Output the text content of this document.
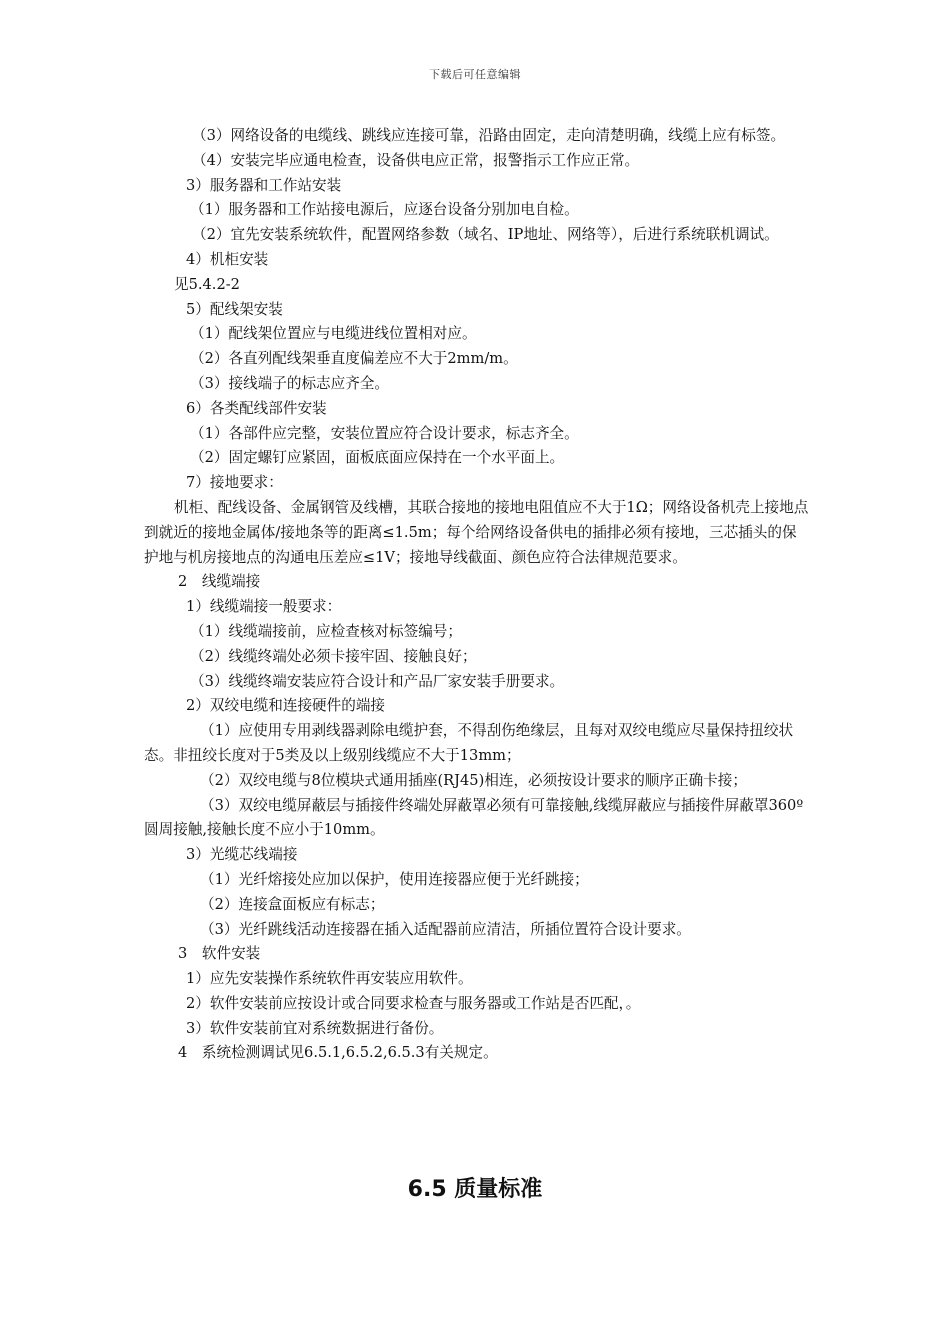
下载后可任意编辑

（3）网络设备的电缆线、跳线应连接可靠，沿路由固定，走向清楚明确，线缆上应有标签。

（4）安装完毕应通电检查，设备供电应正常，报警指示工作应正常。

3）服务器和工作站安装

（1）服务器和工作站接电源后，应逐台设备分别加电自检。

（2）宜先安装系统软件，配置网络参数（域名、IP地址、网络等），后进行系统联机调试。

4）机柜安装

见5.4.2-2

5）配线架安装

（1）配线架位置应与电缆进线位置相对应。

（2）各直列配线架垂直度偏差应不大于2mm/m。

（3）接线端子的标志应齐全。

6）各类配线部件安装

（1）各部件应完整，安装位置应符合设计要求，标志齐全。

（2）固定螺钉应紧固，面板底面应保持在一个水平面上。

7）接地要求：

机柜、配线设备、金属钢管及线槽，其联合接地的接地电阻值应不大于1Ω；网络设备机壳上接地点到就近的接地金属体/接地条等的距离≤1.5m；每个给网络设备供电的插排必须有接地，三芯插头的保护地与机房接地点的沟通电压差应≤1V；接地导线截面、颜色应符合法律规范要求。

2　线缆端接

1）线缆端接一般要求：

（1）线缆端接前，应检查核对标签编号；

（2）线缆终端处必须卡接牢固、接触良好；

（3）线缆终端安装应符合设计和产品厂家安装手册要求。

2）双绞电缆和连接硬件的端接

（1）应使用专用剥线器剥除电缆护套，不得刮伤绝缘层，且每对双绞电缆应尽量保持扭绞状态。非扭绞长度对于5类及以上级别线缆应不大于13mm；

（2）双绞电缆与8位模块式通用插座(RJ45)相连，必须按设计要求的顺序正确卡接；

（3）双绞电缆屏蔽层与插接件终端处屏蔽罩必须有可靠接触,线缆屏蔽应与插接件屏蔽罩360º 圆周接触,接触长度不应小于10mm。

3）光缆芯线端接

（1）光纤熔接处应加以保护，使用连接器应便于光纤跳接；

（2）连接盒面板应有标志；

（3）光纤跳线活动连接器在插入适配器前应清洁，所插位置符合设计要求。

3　软件安装

1）应先安装操作系统软件再安装应用软件。

2）软件安装前应按设计或合同要求检查与服务器或工作站是否匹配，。

3）软件安装前宜对系统数据进行备份。

4　系统检测调试见6.5.1,6.5.2,6.5.3有关规定。

6.5 质量标准
